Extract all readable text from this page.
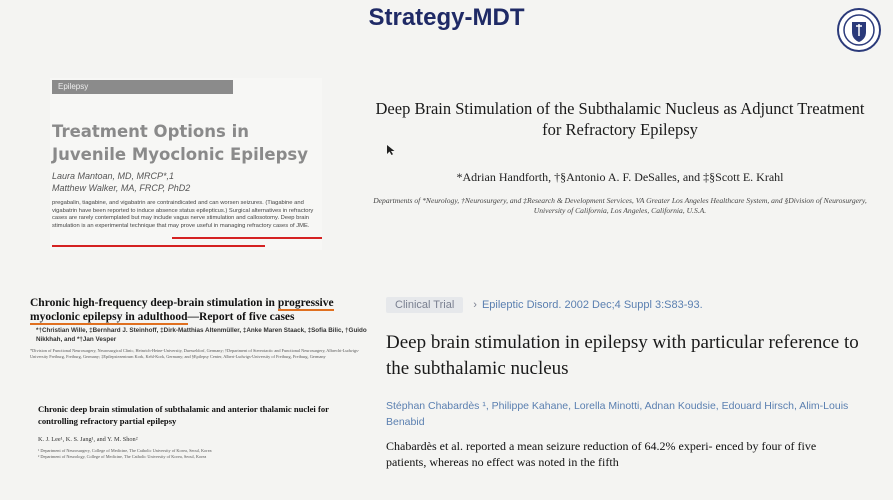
Strategy-MDT
Epilepsy
Treatment Options in Juvenile Myoclonic Epilepsy
Laura Mantoan, MD, MRCP*,1
Matthew Walker, MA, FRCP, PhD2
pregabalin, tiagabine, and vigabatrin are contraindicated and can worsen seizures. (Tiagabine and vigabatrin have been reported to induce absence status epilepticus.) Surgical alternatives in refractory cases are rarely contemplated but may include vagus nerve stimulation and callosotomy. Deep brain stimulation is an experimental technique that may prove useful in managing refractory cases of JME.
Deep Brain Stimulation of the Subthalamic Nucleus as Adjunct Treatment for Refractory Epilepsy
*Adrian Handforth, †§Antonio A. F. DeSalles, and ‡§Scott E. Krahl
Departments of *Neurology, †Neurosurgery, and ‡Research & Development Services, VA Greater Los Angeles Healthcare System, and §Division of Neurosurgery, University of California, Los Angeles, California, U.S.A.
Chronic high-frequency deep-brain stimulation in progressive
myoclonic epilepsy in adulthood—Report of five cases
*†Christian Wille, ‡Bernhard J. Steinhoff, ‡Dirk-Matthias Altenmüller, ‡Anke Maren Staack, ‡Sofia Bilic, †Guido Nikkhah, and *†Jan Vesper
*Division of Functional Neurosurgery, Neurosurgical Clinic, Heinrich-Heine-University, Duesseldorf, Germany; †Department of Stereotactic and Functional Neurosurgery, Albrecht-Ludwigs-University Freiburg, Freiburg, Germany; ‡Epilepsiezentrum Kork, Kehl-Kork, Germany; and §Epilepsy Center, Albert-Ludwigs-University of Freiburg, Freiburg, Germany
Chronic deep brain stimulation of subthalamic and anterior thalamic nuclei for controlling refractory partial epilepsy
K. J. Lee¹, K. S. Jang¹, and Y. M. Shon²
¹ Department of Neurosurgery, College of Medicine, The Catholic University of Korea, Seoul, Korea
² Department of Neurology, College of Medicine, The Catholic University of Korea, Seoul, Korea
Clinical Trial	› Epileptic Disord. 2002 Dec;4 Suppl 3:S83-93.
Deep brain stimulation in epilepsy with particular reference to the subthalamic nucleus
Stéphan Chabardès ¹, Philippe Kahane, Lorella Minotti, Adnan Koudsie, Edouard Hirsch, Alim-Louis Benabid
Chabardès et al. reported a mean seizure reduction of 64.2% experi- enced by four of five patients, whereas no effect was noted in the fifth
